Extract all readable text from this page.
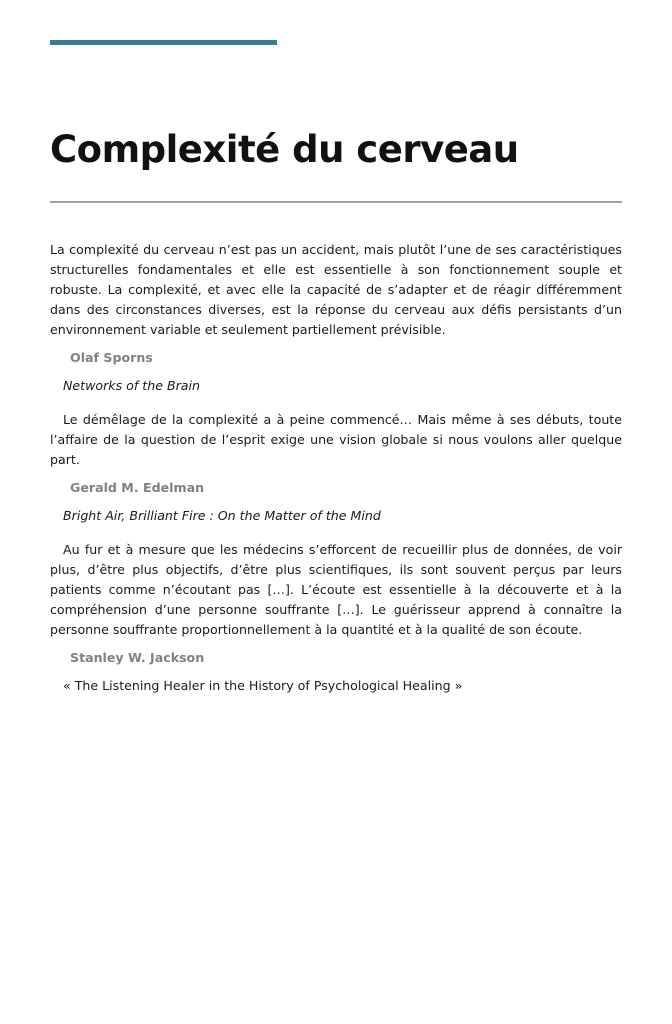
Complexité du cerveau

La complexité du cerveau n’est pas un accident, mais plutôt l’une de ses caractéristiques structurelles fondamentales et elle est essentielle à son fonctionnement souple et robuste. La complexité, et avec elle la capacité de s’adapter et de réagir différemment dans des circonstances diverses, est la réponse du cerveau aux défis persistants d’un environnement variable et seulement partiellement prévisible.

Olaf Sporns

Networks of the Brain

Le démêlage de la complexité a à peine commencé… Mais même à ses débuts, toute l’affaire de la question de l’esprit exige une vision globale si nous voulons aller quelque part.

Gerald M. Edelman

Bright Air, Brilliant Fire : On the Matter of the Mind

Au fur et à mesure que les médecins s’efforcent de recueillir plus de données, de voir plus, d’être plus objectifs, d’être plus scientifiques, ils sont souvent perçus par leurs patients comme n’écoutant pas […]. L’écoute est essentielle à la découverte et à la compréhension d’une personne souffrante […]. Le guérisseur apprend à connaître la personne souffrante proportionnellement à la quantité et à la qualité de son écoute.

Stanley W. Jackson

« The Listening Healer in the History of Psychological Healing »
